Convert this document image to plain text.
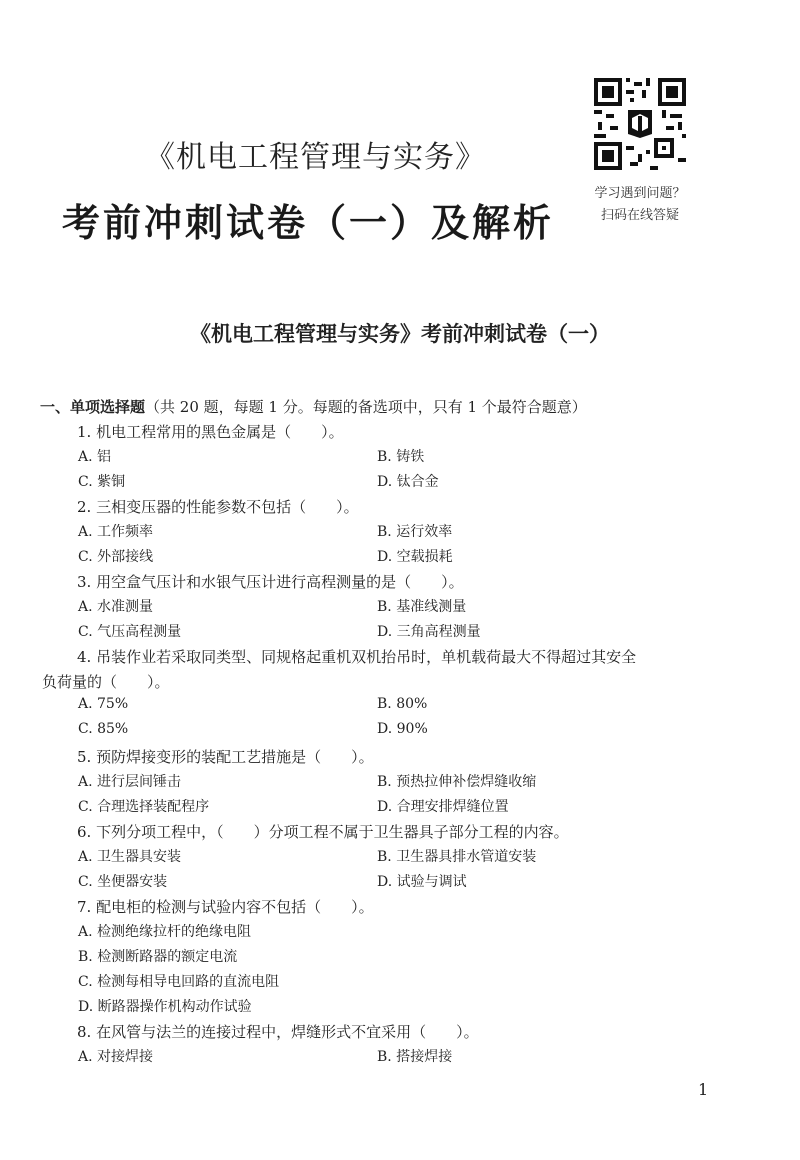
《机电工程管理与实务》
考前冲刺试卷（一）及解析
学习遇到问题？
扫码在线答疑
《机电工程管理与实务》考前冲刺试卷（一）
一、单项选择题（共 20 题，每题 1 分。每题的备选项中，只有 1 个最符合题意）
1. 机电工程常用的黑色金属是（　　）。
A. 铝	B. 铸铁
C. 紫铜	D. 钛合金
2. 三相变压器的性能参数不包括（　　）。
A. 工作频率	B. 运行效率
C. 外部接线	D. 空载损耗
3. 用空盒气压计和水银气压计进行高程测量的是（　　）。
A. 水准测量	B. 基准线测量
C. 气压高程测量	D. 三角高程测量
4. 吊装作业若采取同类型、同规格起重机双机抬吊时，单机载荷最大不得超过其安全
负荷量的（　　）。
A. 75%	B. 80%
C. 85%	D. 90%
5. 预防焊接变形的装配工艺措施是（　　）。
A. 进行层间锤击	B. 预热拉伸补偿焊缝收缩
C. 合理选择装配程序	D. 合理安排焊缝位置
6. 下列分项工程中，（　　）分项工程不属于卫生器具子部分工程的内容。
A. 卫生器具安装	B. 卫生器具排水管道安装
C. 坐便器安装	D. 试验与调试
7. 配电柜的检测与试验内容不包括（　　）。
A. 检测绝缘拉杆的绝缘电阻
B. 检测断路器的额定电流
C. 检测每相导电回路的直流电阻
D. 断路器操作机构动作试验
8. 在风管与法兰的连接过程中，焊缝形式不宜采用（　　）。
A. 对接焊接	B. 搭接焊接
1
